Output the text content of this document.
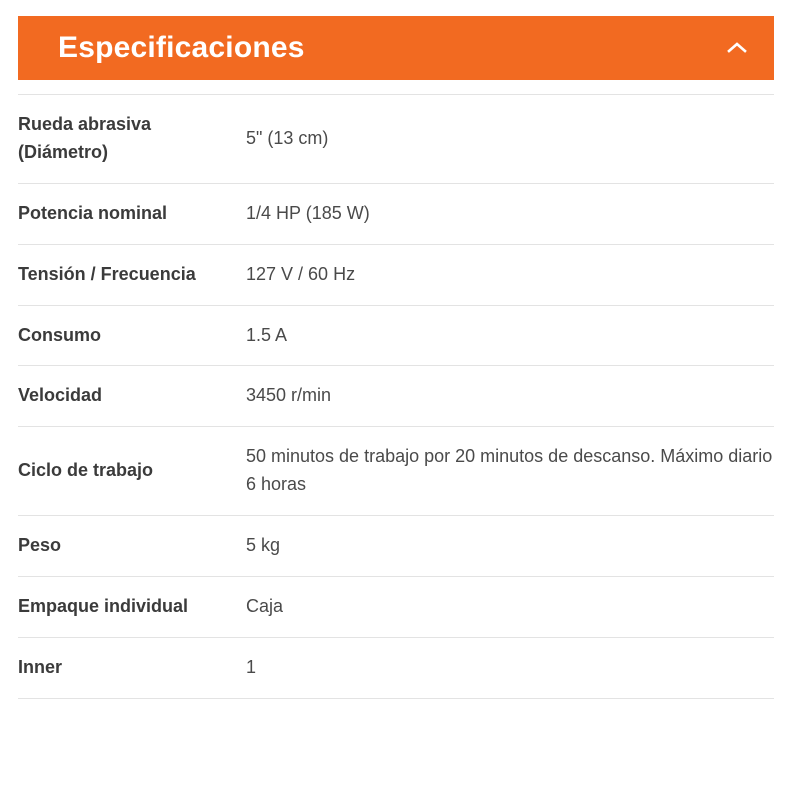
Especificaciones
Rueda abrasiva (Diámetro)	5" (13 cm)
Potencia nominal	1/4 HP (185 W)
Tensión / Frecuencia	127 V / 60 Hz
Consumo	1.5 A
Velocidad	3450 r/min
Ciclo de trabajo	50 minutos de trabajo por 20 minutos de descanso. Máximo diario 6 horas
Peso	5 kg
Empaque individual	Caja
Inner	1
